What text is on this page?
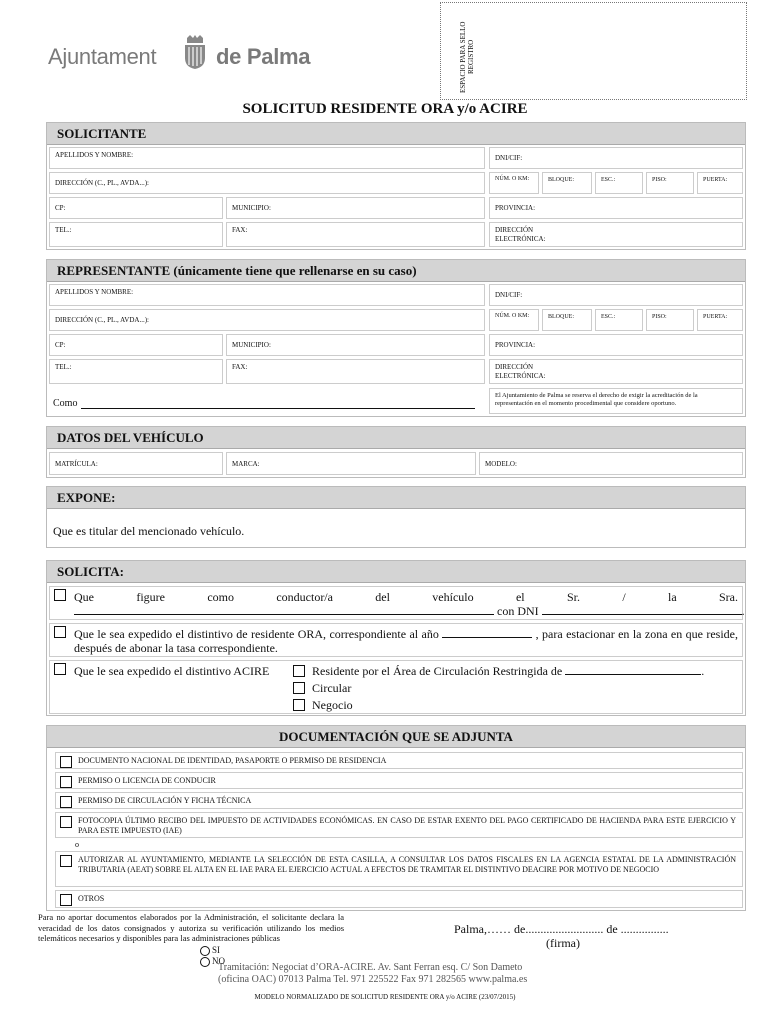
Ajuntament	de Palma	ESPACIO PARA SELLO REGISTRO
SOLICITUD RESIDENTE ORA y/o ACIRE
SOLICITANTE
APELLIDOS Y NOMBRE:	DNI/CIF:
DIRECCIÓN (C., PL., AVDA...):	NÚM. O KM:	BLOQUE:	ESC.:	PISO:	PUERTA:
CP:	MUNICIPIO:	PROVINCIA:
TEL.:	FAX:	DIRECCIÓN
ELECTRÓNICA:
REPRESENTANTE (únicamente tiene que rellenarse en su caso)
APELLIDOS Y NOMBRE:	DNI/CIF:
DIRECCIÓN (C., PL., AVDA...):	NÚM. O KM:	BLOQUE:	ESC.:	PISO:	PUERTA:
CP:	MUNICIPIO:	PROVINCIA:
TEL.:	FAX:	DIRECCIÓN
ELECTRÓNICA:
Como
El Ajuntamiento de Palma se reserva el derecho de exigir la acreditación de la representación en el momento procedimental que considere oportuno.
DATOS DEL VEHÍCULO
MATRÍCULA:	MARCA:	MODELO:
EXPONE:
Que es titular del mencionado vehículo.
SOLICITA:
Que figure como conductor/a del vehículo el Sr. / la Sra.
con DNI	.
Que le sea expedido el distintivo de residente ORA, correspondiente al año	, para estacionar en la zona en que reside, después de abonar la tasa correspondiente.
Que le sea expedido el distintivo ACIRE	Residente por el Área de Circulación Restringida de	.
Circular
Negocio
DOCUMENTACIÓN QUE SE ADJUNTA
DOCUMENTO NACIONAL DE IDENTIDAD, PASAPORTE O PERMISO DE RESIDENCIA
PERMISO O LICENCIA DE CONDUCIR
PERMISO DE CIRCULACIÓN Y FICHA TÉCNICA
FOTOCOPIA ÚLTIMO RECIBO DEL IMPUESTO DE ACTIVIDADES ECONÓMICAS. EN CASO DE ESTAR EXENTO DEL PAGO CERTIFICADO DE HACIENDA PARA ESTE EJERCICIO Y PARA ESTE IMPUESTO (IAE)
o
AUTORIZAR AL AYUNTAMIENTO, MEDIANTE LA SELECCIÓN DE ESTA CASILLA, A CONSULTAR LOS DATOS FISCALES EN LA AGENCIA ESTATAL DE LA ADMINISTRACIÓN TRIBUTARIA (AEAT) SOBRE EL ALTA EN EL IAE PARA EL EJERCICIO ACTUAL A EFECTOS DE TRAMITAR EL DISTINTIVO DEACIRE POR MOTIVO DE NEGOCIO
OTROS
Para no aportar documentos elaborados por la Administración, el solicitante declara la veracidad de los datos consignados y autoriza su verificación utilizando los medios telemáticos necesarios y disponibles para las administraciones públicas
SI
NO
Palma,…… de.......................... de ................
(firma)
Tramitación: Negociat d’ORA-ACIRE. Av. Sant Ferran esq. C/ Son Dameto
(oficina OAC) 07013 Palma Tel. 971 225522 Fax 971 282565 www.palma.es
MODELO NORMALIZADO DE SOLICITUD RESIDENTE ORA y/o ACIRE (23/07/2015)
